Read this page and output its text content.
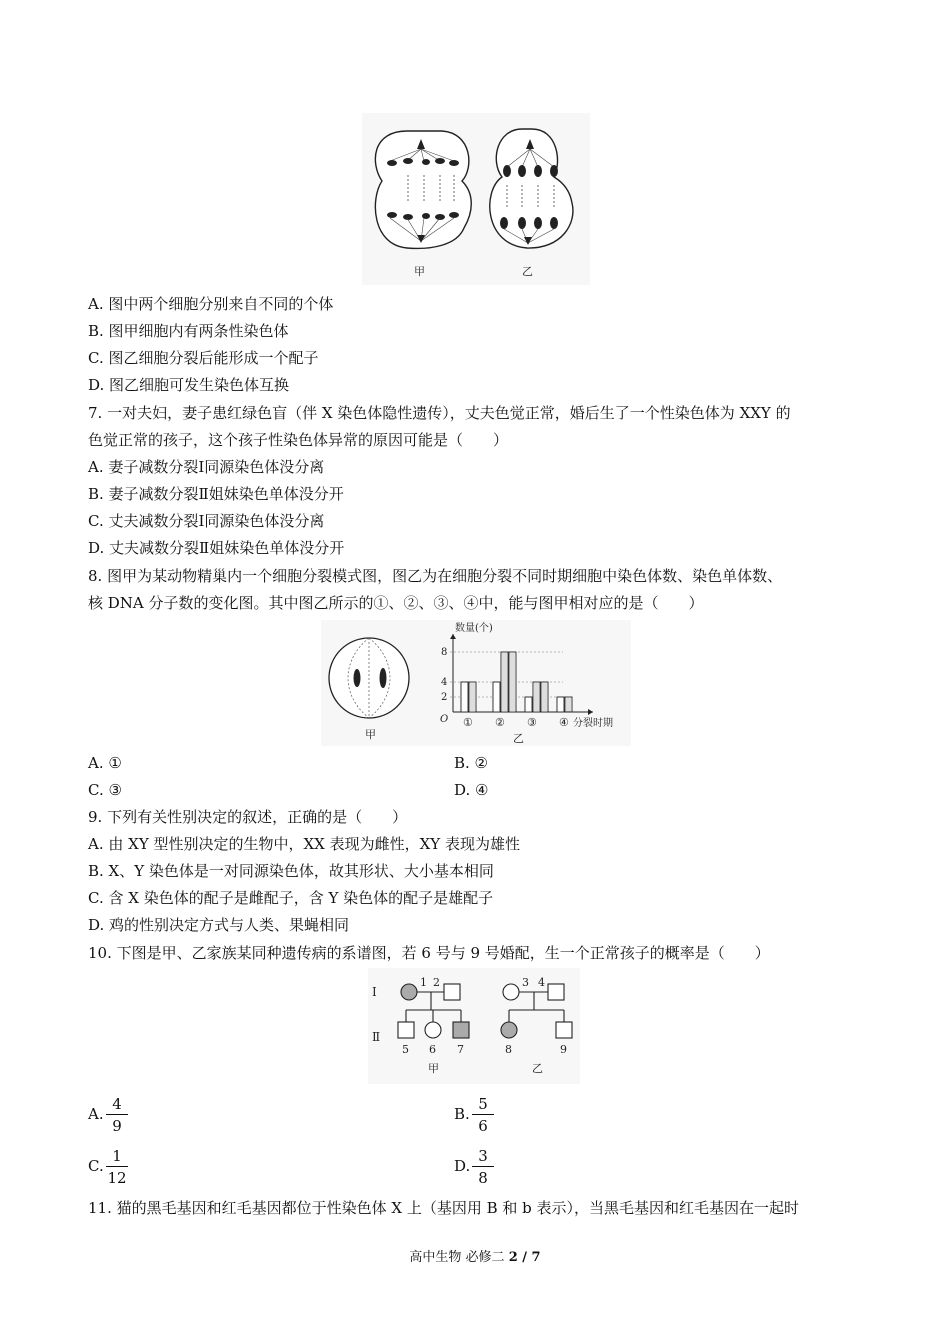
甲	乙
A. 图中两个细胞分别来自不同的个体
B. 图甲细胞内有两条性染色体
C. 图乙细胞分裂后能形成一个配子
D. 图乙细胞可发生染色体互换
7. 一对夫妇，妻子患红绿色盲（伴 X 染色体隐性遗传），丈夫色觉正常，婚后生了一个性染色体为 XXY 的
色觉正常的孩子，这个孩子性染色体异常的原因可能是（　　）
A. 妻子减数分裂Ⅰ同源染色体没分离
B. 妻子减数分裂Ⅱ姐妹染色单体没分开
C. 丈夫减数分裂Ⅰ同源染色体没分离
D. 丈夫减数分裂Ⅱ姐妹染色单体没分开
8. 图甲为某动物精巢内一个细胞分裂模式图，图乙为在细胞分裂不同时期细胞中染色体数、染色单体数、
核 DNA 分子数的变化图。其中图乙所示的①、②、③、④中，能与图甲相对应的是（　　）
甲
数量(个)
O
8
4
2
① ② ③ ④ 分裂时期
乙
A. ①	B. ②
C. ③	D. ④
9. 下列有关性别决定的叙述，正确的是（　　）
A. 由 XY 型性别决定的生物中，XX 表现为雌性，XY 表现为雄性
B. X、Y 染色体是一对同源染色体，故其形状、大小基本相同
C. 含 X 染色体的配子是雌配子，含 Y 染色体的配子是雄配子
D. 鸡的性别决定方式与人类、果蝇相同
10. 下图是甲、乙家族某同种遗传病的系谱图，若 6 号与 9 号婚配，生一个正常孩子的概率是（　　）
Ⅰ
Ⅱ
1 2	3 4
5 6 7	8	9
甲	乙
A. $\frac{4}{9}$	B. $\frac{5}{6}$
C. $\frac{1}{12}$	D. $\frac{3}{8}$
11. 猫的黑毛基因和红毛基因都位于性染色体 X 上（基因用 B 和 b 表示），当黑毛基因和红毛基因在一起时
高中生物 必修二 2 / 7
